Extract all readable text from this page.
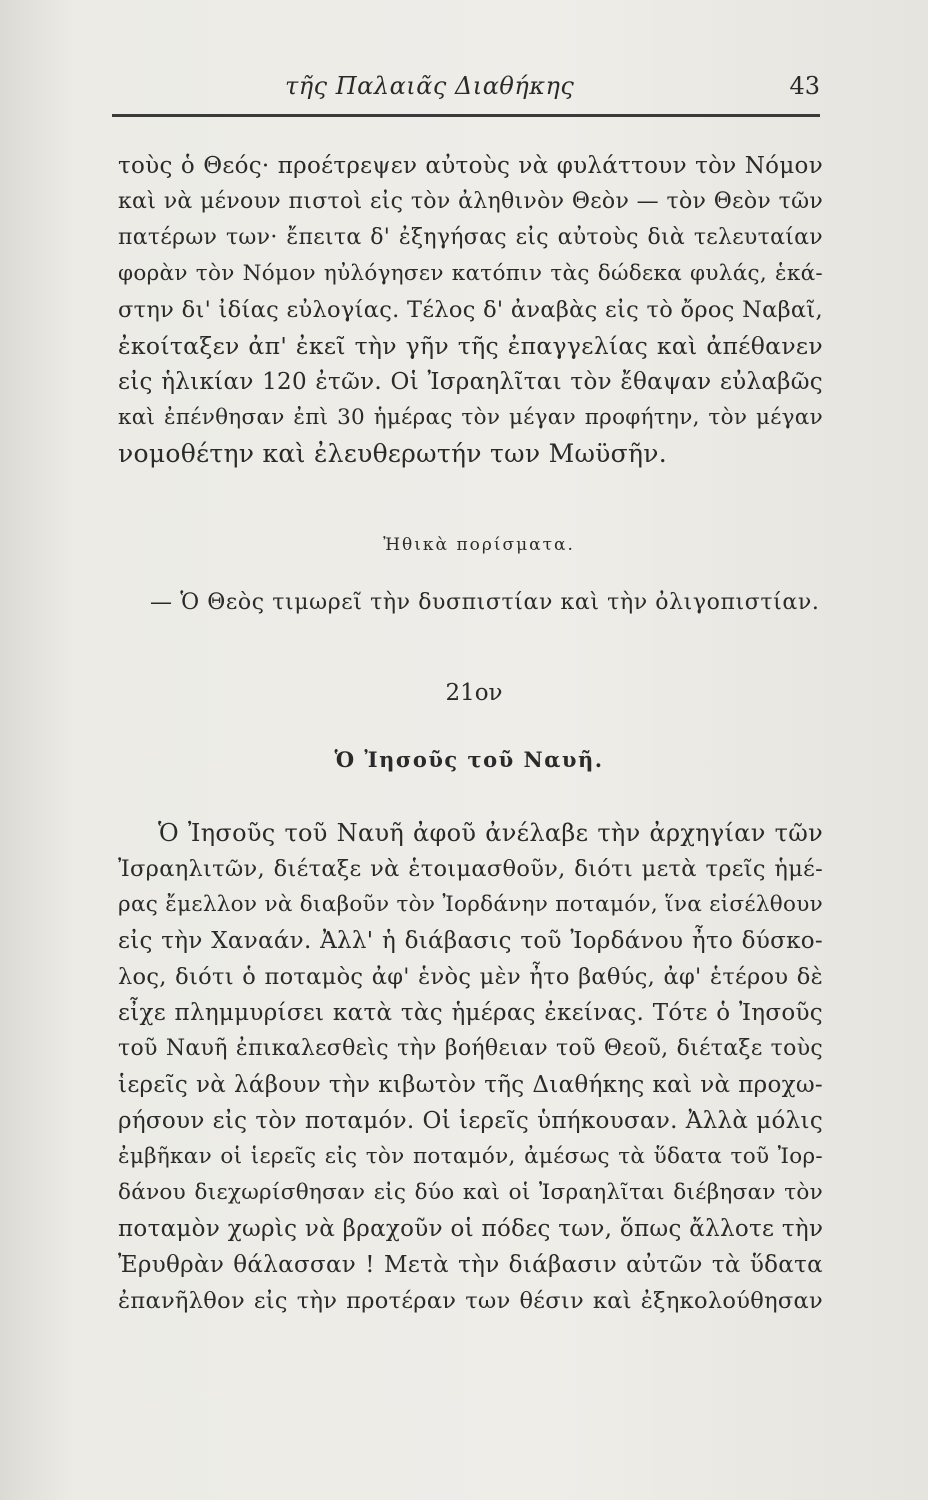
τῆς Παλαιᾶς Διαθήκης	43
τοὺς ὁ Θεός· προέτρεψεν αὐτοὺς νὰ φυλάττουν τὸν Νόμον
καὶ νὰ μένουν πιστοὶ εἰς τὸν ἀληθινὸν Θεὸν — τὸν Θεὸν τῶν
πατέρων των· ἔπειτα δ' ἐξηγήσας εἰς αὐτοὺς διὰ τελευταίαν
φορὰν τὸν Νόμον ηὐλόγησεν κατόπιν τὰς δώδεκα φυλάς, ἑκά-
στην δι' ἰδίας εὐλογίας. Τέλος δ' ἀναβὰς εἰς τὸ ὄρος Ναβαῖ,
ἐκοίταξεν ἀπ' ἐκεῖ τὴν γῆν τῆς ἐπαγγελίας καὶ ἀπέθανεν
εἰς ἡλικίαν 120 ἐτῶν. Οἱ Ἰσραηλῖται τὸν ἔθαψαν εὐλαβῶς
καὶ ἐπένθησαν ἐπὶ 30 ἡμέρας τὸν μέγαν προφήτην, τὸν μέγαν
νομοθέτην καὶ ἐλευθερωτήν των Μωϋσῆν.
Ἠθικὰ πορίσματα.
— Ὁ Θεὸς τιμωρεῖ τὴν δυσπιστίαν καὶ τὴν ὀλιγοπιστίαν.
21ον
Ὁ Ἰησοῦς τοῦ Ναυῆ.
Ὁ Ἰησοῦς τοῦ Ναυῆ ἀφοῦ ἀνέλαβε τὴν ἀρχηγίαν τῶν
Ἰσραηλιτῶν, διέταξε νὰ ἑτοιμασθοῦν, διότι μετὰ τρεῖς ἡμέ-
ρας ἔμελλον νὰ διαβοῦν τὸν Ἰορδάνην ποταμόν, ἵνα εἰσέλθουν
εἰς τὴν Χαναάν. Ἀλλ' ἡ διάβασις τοῦ Ἰορδάνου ἦτο δύσκο-
λος, διότι ὁ ποταμὸς ἀφ' ἑνὸς μὲν ἦτο βαθύς, ἀφ' ἑτέρου δὲ
εἶχε πλημμυρίσει κατὰ τὰς ἡμέρας ἐκείνας. Τότε ὁ Ἰησοῦς
τοῦ Ναυῆ ἐπικαλεσθεὶς τὴν βοήθειαν τοῦ Θεοῦ, διέταξε τοὺς
ἱερεῖς νὰ λάβουν τὴν κιβωτὸν τῆς Διαθήκης καὶ νὰ προχω-
ρήσουν εἰς τὸν ποταμόν. Οἱ ἱερεῖς ὑπήκουσαν. Ἀλλὰ μόλις
ἐμβῆκαν οἱ ἱερεῖς εἰς τὸν ποταμόν, ἀμέσως τὰ ὕδατα τοῦ Ἰορ-
δάνου διεχωρίσθησαν εἰς δύο καὶ οἱ Ἰσραηλῖται διέβησαν τὸν
ποταμὸν χωρὶς νὰ βραχοῦν οἱ πόδες των, ὅπως ἄλλοτε τὴν
Ἐρυθρὰν θάλασσαν ! Μετὰ τὴν διάβασιν αὐτῶν τὰ ὕδατα
ἐπανῆλθον εἰς τὴν προτέραν των θέσιν καὶ ἐξηκολούθησαν
